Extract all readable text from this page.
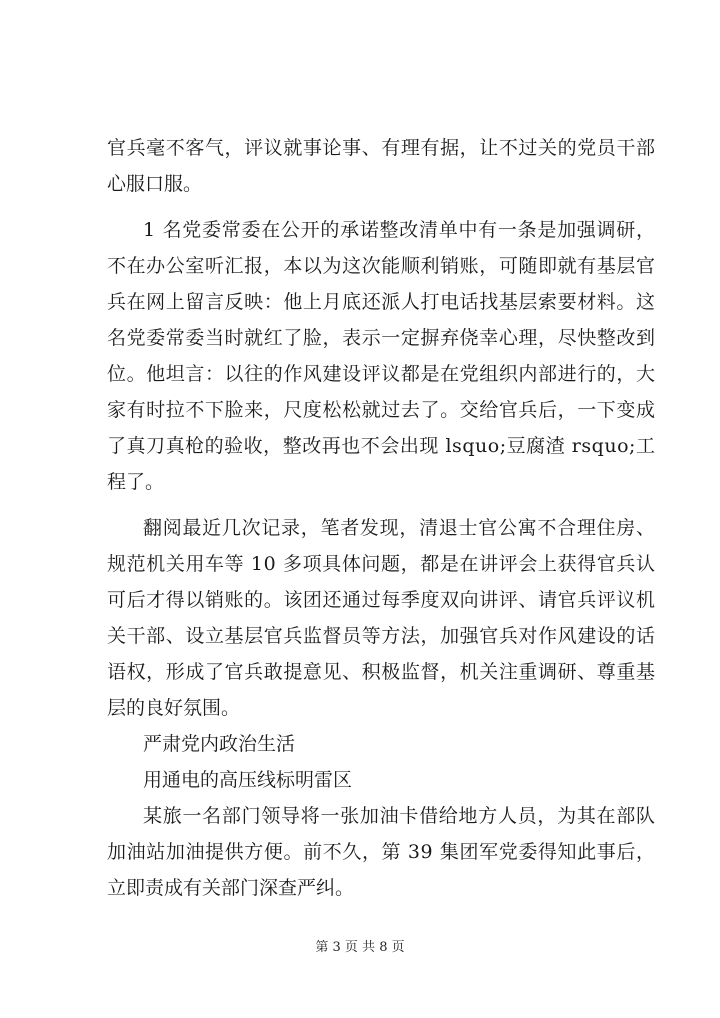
官兵毫不客气，评议就事论事、有理有据，让不过关的党员干部
心服口服。
1 名党委常委在公开的承诺整改清单中有一条是加强调研，
不在办公室听汇报，本以为这次能顺利销账，可随即就有基层官
兵在网上留言反映：他上月底还派人打电话找基层索要材料。这
名党委常委当时就红了脸，表示一定摒弃侥幸心理，尽快整改到
位。他坦言：以往的作风建设评议都是在党组织内部进行的，大
家有时拉不下脸来，尺度松松就过去了。交给官兵后，一下变成
了真刀真枪的验收，整改再也不会出现 lsquo;豆腐渣 rsquo;工
程了。
翻阅最近几次记录，笔者发现，清退士官公寓不合理住房、
规范机关用车等 10 多项具体问题，都是在讲评会上获得官兵认
可后才得以销账的。该团还通过每季度双向讲评、请官兵评议机
关干部、设立基层官兵监督员等方法，加强官兵对作风建设的话
语权，形成了官兵敢提意见、积极监督，机关注重调研、尊重基
层的良好氛围。
严肃党内政治生活
用通电的高压线标明雷区
某旅一名部门领导将一张加油卡借给地方人员，为其在部队
加油站加油提供方便。前不久，第 39 集团军党委得知此事后，
立即责成有关部门深查严纠。
第 3 页 共 8 页
